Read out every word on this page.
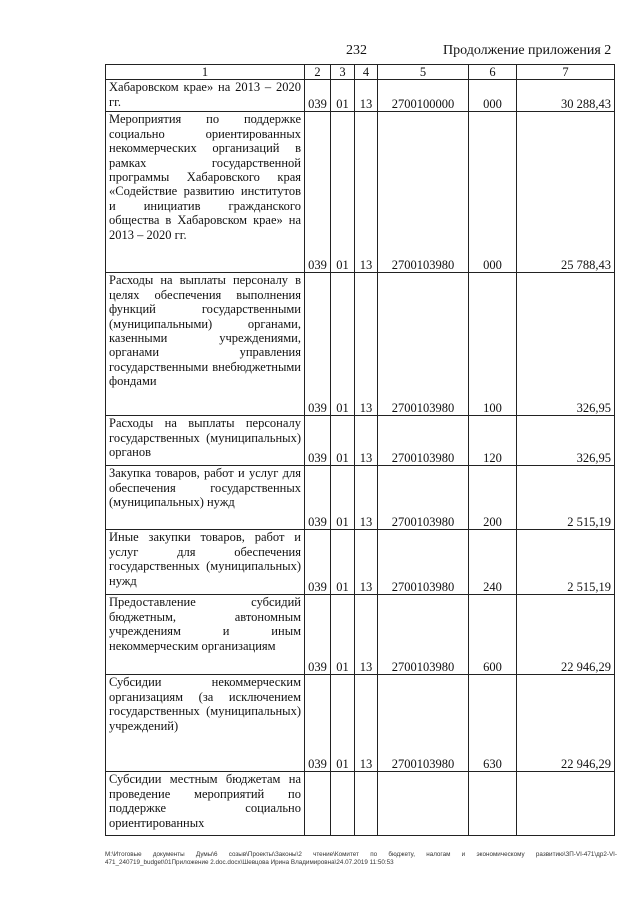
232	Продолжение приложения 2
1	2	3	4	5	6	7
Хабаровском крае» на 2013 – 2020 гг.	039	01	13	2700100000	000	30 288,43
Мероприятия по поддержке социально ориентированных некоммерческих организаций в рамках государственной программы Хабаровского края «Содействие развитию институтов и инициатив гражданского общества в Хабаровском крае» на 2013 – 2020 гг.	039	01	13	2700103980	000	25 788,43
Расходы на выплаты персоналу в целях обеспечения выполнения функций государственными (муниципальными) органами, казенными учреждениями, органами управления государственными внебюджетными фондами	039	01	13	2700103980	100	326,95
Расходы на выплаты персоналу государственных (муниципальных) органов	039	01	13	2700103980	120	326,95
Закупка товаров, работ и услуг для обеспечения государственных (муниципальных) нужд	039	01	13	2700103980	200	2 515,19
Иные закупки товаров, работ и услуг для обеспечения государственных (муниципальных) нужд	039	01	13	2700103980	240	2 515,19
Предоставление субсидий бюджетным, автономным учреждениям и иным некоммерческим организациям	039	01	13	2700103980	600	22 946,29
Субсидии некоммерческим организациям (за исключением государственных (муниципальных) учреждений)	039	01	13	2700103980	630	22 946,29
Субсидии местным бюджетам на проведение мероприятий по поддержке социально ориентированных						
M:\Итоговые документы Думы\6 созыв\Проекты\Законы\2 чтение\Комитет по бюджету, налогам и экономическому развитию\ЗП-VI-471\др2-VI-471_240719_budget\01Приложение 2.doc.docx\Шевцова Ирина Владимировна\24.07.2019 11:50:53
